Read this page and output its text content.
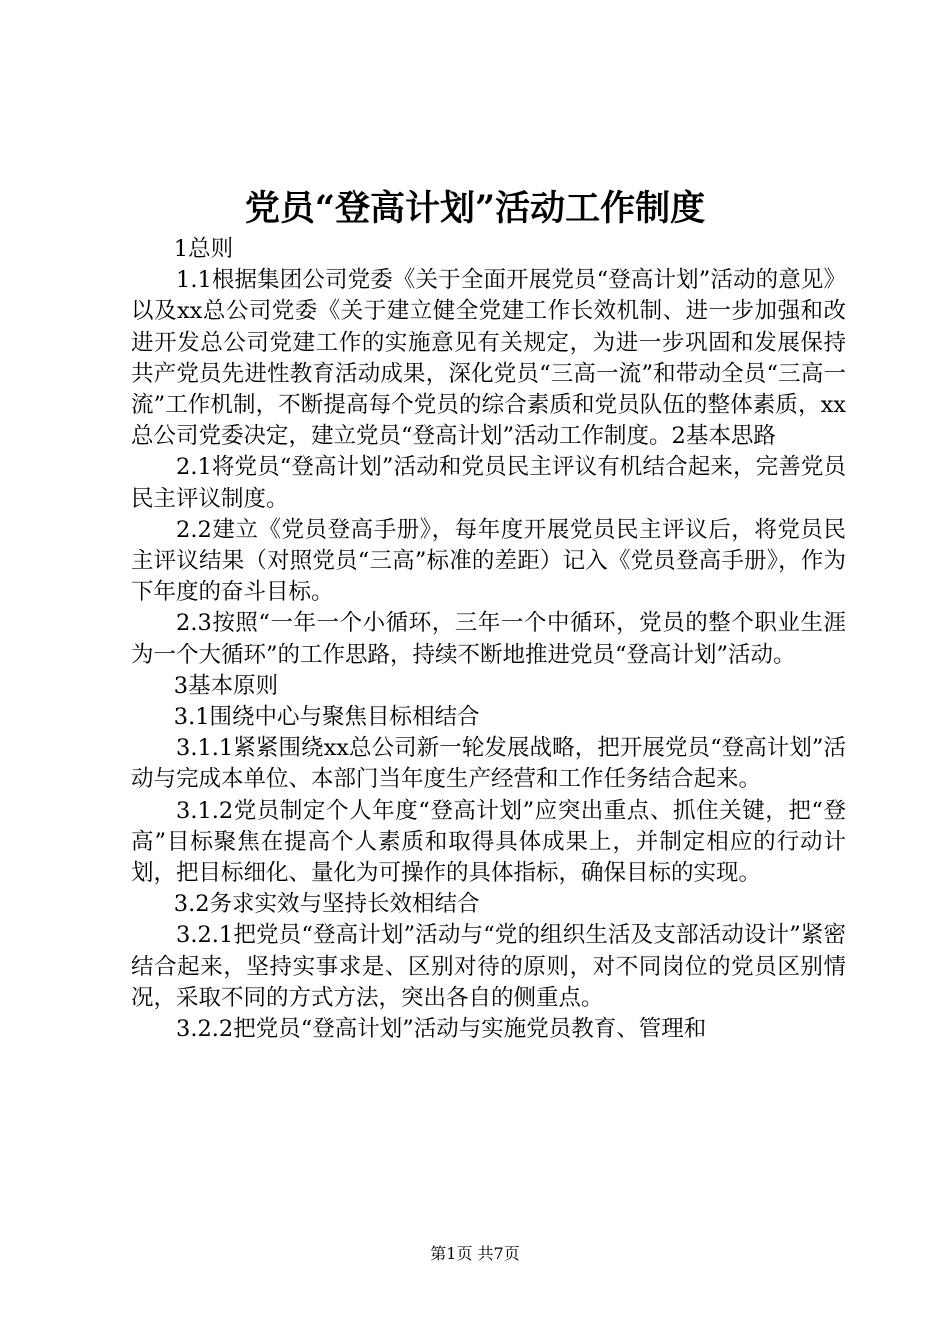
党员“登高计划”活动工作制度

1总则

1.1根据集团公司党委《关于全面开展党员“登高计划”活动的意见》以及xx总公司党委《关于建立健全党建工作长效机制、进一步加强和改进开发总公司党建工作的实施意见有关规定，为进一步巩固和发展保持共产党员先进性教育活动成果，深化党员“三高一流”和带动全员“三高一流”工作机制，不断提高每个党员的综合素质和党员队伍的整体素质，xx总公司党委决定，建立党员“登高计划”活动工作制度。2基本思路

2.1将党员“登高计划”活动和党员民主评议有机结合起来，完善党员民主评议制度。

2.2建立《党员登高手册》，每年度开展党员民主评议后，将党员民主评议结果（对照党员“三高”标准的差距）记入《党员登高手册》，作为下年度的奋斗目标。

2.3按照“一年一个小循环，三年一个中循环，党员的整个职业生涯为一个大循环”的工作思路，持续不断地推进党员“登高计划”活动。

3基本原则

3.1围绕中心与聚焦目标相结合

3.1.1紧紧围绕xx总公司新一轮发展战略，把开展党员“登高计划”活动与完成本单位、本部门当年度生产经营和工作任务结合起来。

3.1.2党员制定个人年度“登高计划”应突出重点、抓住关键，把“登高”目标聚焦在提高个人素质和取得具体成果上，并制定相应的行动计划，把目标细化、量化为可操作的具体指标，确保目标的实现。

3.2务求实效与坚持长效相结合

3.2.1把党员“登高计划”活动与“党的组织生活及支部活动设计”紧密结合起来，坚持实事求是、区别对待的原则，对不同岗位的党员区别情况，采取不同的方式方法，突出各自的侧重点。

3.2.2把党员“登高计划”活动与实施党员教育、管理和

第1页 共7页
